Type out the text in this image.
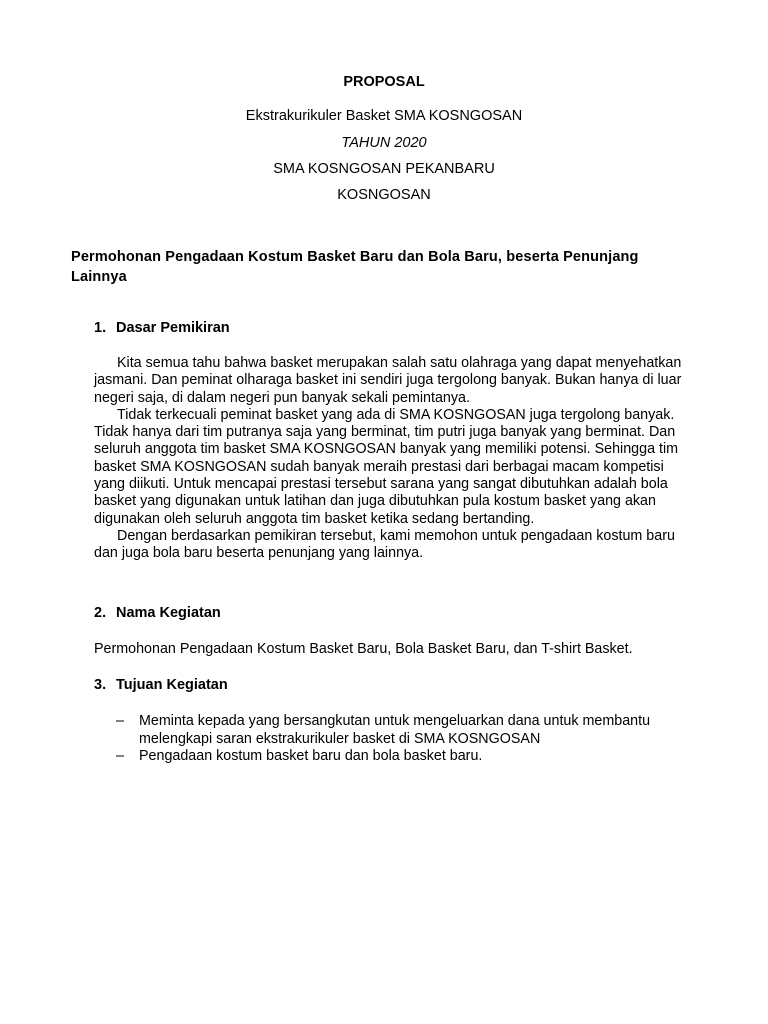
PROPOSAL
Ekstrakurikuler Basket SMA KOSNGOSAN
TAHUN 2020
SMA KOSNGOSAN PEKANBARU
KOSNGOSAN
Permohonan Pengadaan Kostum Basket Baru dan Bola Baru, beserta Penunjang Lainnya
1. Dasar Pemikiran

Kita semua tahu bahwa basket merupakan salah satu olahraga yang dapat menyehatkan jasmani. Dan peminat olharaga basket ini sendiri juga tergolong banyak. Bukan hanya di luar negeri saja, di dalam negeri pun banyak sekali pemintanya.

Tidak terkecuali peminat basket yang ada di SMA KOSNGOSAN juga tergolong banyak. Tidak hanya dari tim putranya saja yang berminat, tim putri juga banyak yang berminat. Dan seluruh anggota tim basket SMA KOSNGOSAN banyak yang memiliki potensi. Sehingga tim basket SMA KOSNGOSAN sudah banyak meraih prestasi dari berbagai macam kompetisi yang diikuti. Untuk mencapai prestasi tersebut sarana yang sangat dibutuhkan adalah bola basket yang digunakan untuk latihan dan juga dibutuhkan pula kostum basket yang akan digunakan oleh seluruh anggota tim basket ketika sedang bertanding.

Dengan berdasarkan pemikiran tersebut, kami memohon untuk pengadaan kostum baru dan juga bola baru beserta penunjang yang lainnya.

2. Nama Kegiatan
Permohonan Pengadaan Kostum Basket Baru, Bola Basket Baru, dan T-shirt Basket.
3. Tujuan Kegiatan
– Meminta kepada yang bersangkutan untuk mengeluarkan dana untuk membantu melengkapi saran ekstrakurikuler basket di SMA KOSNGOSAN
– Pengadaan kostum basket baru dan bola basket baru.
